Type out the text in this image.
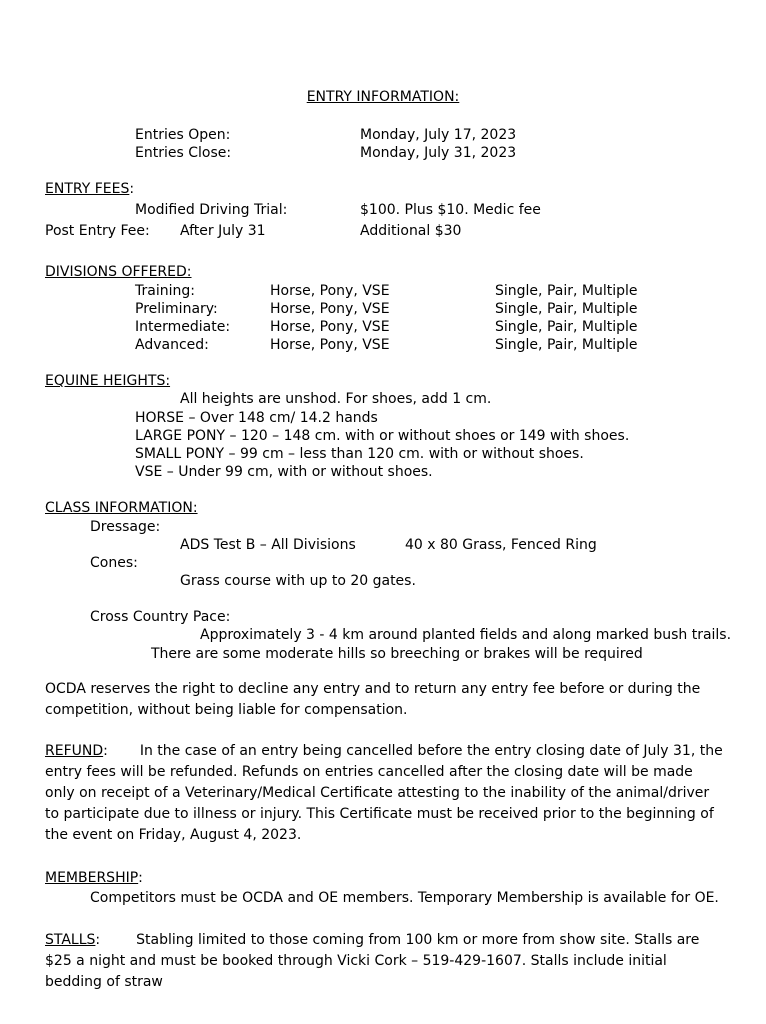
ENTRY INFORMATION:
Entries Open:	Monday, July 17, 2023
Entries Close:	Monday, July 31, 2023
ENTRY FEES:
Modified Driving Trial:	$100. Plus $10. Medic fee
Post Entry Fee: After July 31	Additional $30
DIVISIONS OFFERED:
Training:	Horse, Pony, VSE	Single, Pair, Multiple
Preliminary:	Horse, Pony, VSE	Single, Pair, Multiple
Intermediate:	Horse, Pony, VSE	Single, Pair, Multiple
Advanced:	Horse, Pony, VSE	Single, Pair, Multiple
EQUINE HEIGHTS:
All heights are unshod. For shoes, add 1 cm.
HORSE – Over 148 cm/ 14.2 hands
LARGE PONY – 120 – 148 cm. with or without shoes or 149 with shoes.
SMALL PONY – 99 cm – less than 120 cm. with or without shoes.
VSE – Under 99 cm, with or without shoes.
CLASS INFORMATION:
Dressage:
ADS Test B – All Divisions	40 x 80 Grass, Fenced Ring
Cones:
Grass course with up to 20 gates.
Cross Country Pace:
Approximately 3 - 4 km around planted fields and along marked bush trails.
There are some moderate hills so breeching or brakes will be required
OCDA reserves the right to decline any entry and to return any entry fee before or during the competition, without being liable for compensation.
REFUND: In the case of an entry being cancelled before the entry closing date of July 31, the entry fees will be refunded. Refunds on entries cancelled after the closing date will be made only on receipt of a Veterinary/Medical Certificate attesting to the inability of the animal/driver to participate due to illness or injury. This Certificate must be received prior to the beginning of the event on Friday, August 4, 2023.
MEMBERSHIP:
Competitors must be OCDA and OE members. Temporary Membership is available for OE.
STALLS:	Stabling limited to those coming from 100 km or more from show site. Stalls are $25 a night and must be booked through Vicki Cork – 519-429-1607. Stalls include initial bedding of straw
